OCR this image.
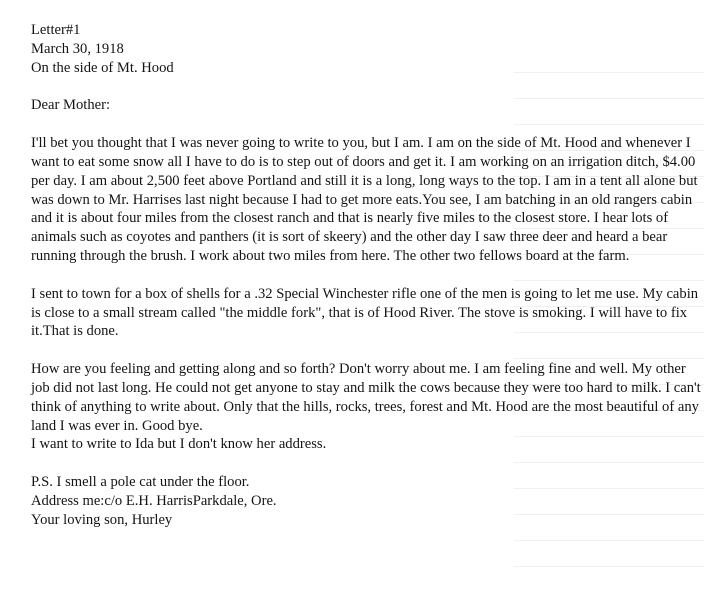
Letter#1
March 30, 1918
On the side of Mt. Hood

Dear Mother:

I'll bet you thought that I was never going to write to you, but I am. I am on the side of Mt. Hood and whenever I want to eat some snow all I have to do is to step out of doors and get it. I am working on an irrigation ditch, $4.00 per day. I am about 2,500 feet above Portland and still it is a long, long ways to the top. I am in a tent all alone but was down to Mr. Harrises last night because I had to get more eats.You see, I am batching in an old rangers cabin and it is about four miles from the closest ranch and that is nearly five miles to the closest store. I hear lots of animals such as coyotes and panthers (it is sort of skeery) and the other day I saw three deer and heard a bear running through the brush. I work about two miles from here. The other two fellows board at the farm.

I sent to town for a box of shells for a .32 Special Winchester rifle one of the men is going to let me use. My cabin is close to a small stream called "the middle fork", that is of Hood River. The stove is smoking. I will have to fix it.That is done.

How are you feeling and getting along and so forth? Don't worry about me. I am feeling fine and well. My other job did not last long. He could not get anyone to stay and milk the cows because they were too hard to milk. I can't think of anything to write about. Only that the hills, rocks, trees, forest and Mt. Hood are the most beautiful of any land I was ever in. Good bye.

I want to write to Ida but I don't know her address.

P.S. I smell a pole cat under the floor.

Address me:c/o E.H. HarrisParkdale, Ore.

Your loving son, Hurley
